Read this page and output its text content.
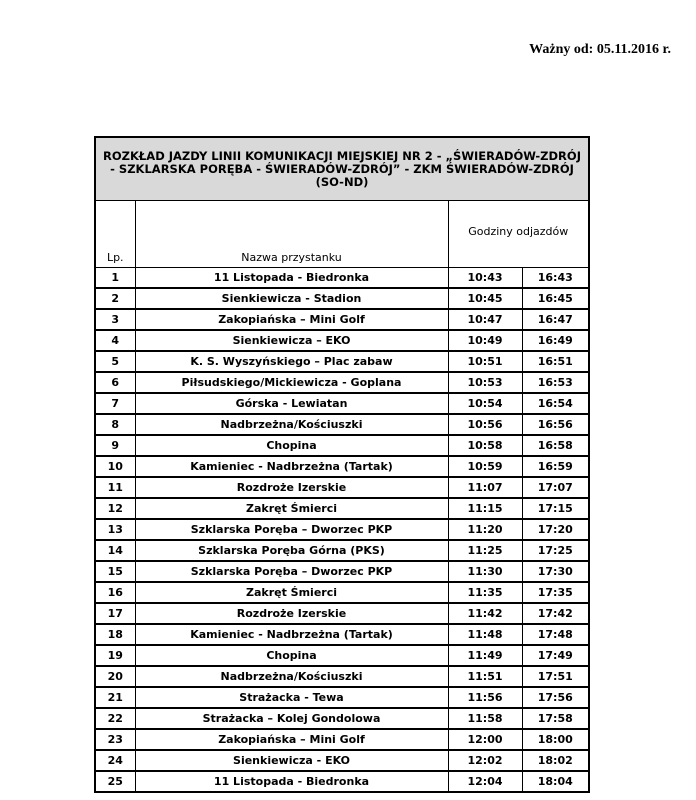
Ważny od: 05.11.2016 r.
ROZKŁAD JAZDY LINII KOMUNIKACJI MIEJSKIEJ NR 2 - „ŚWIERADÓW-ZDRÓJ - SZKLARSKA PORĘBA - ŚWIERADÓW-ZDRÓJ” - ZKM ŚWIERADÓW-ZDRÓJ (SO-ND)			
Lp.	Nazwa przystanku	Godziny odjazdów	
1	11 Listopada - Biedronka	10:43	16:43
2	Sienkiewicza - Stadion	10:45	16:45
3	Zakopiańska – Mini Golf	10:47	16:47
4	Sienkiewicza – EKO	10:49	16:49
5	K. S. Wyszyńskiego – Plac zabaw	10:51	16:51
6	Piłsudskiego/Mickiewicza - Goplana	10:53	16:53
7	Górska - Lewiatan	10:54	16:54
8	Nadbrzeżna/Kościuszki	10:56	16:56
9	Chopina	10:58	16:58
10	Kamieniec - Nadbrzeżna (Tartak)	10:59	16:59
11	Rozdroże Izerskie	11:07	17:07
12	Zakręt Śmierci	11:15	17:15
13	Szklarska Poręba – Dworzec PKP	11:20	17:20
14	Szklarska Poręba Górna (PKS)	11:25	17:25
15	Szklarska Poręba – Dworzec PKP	11:30	17:30
16	Zakręt Śmierci	11:35	17:35
17	Rozdroże Izerskie	11:42	17:42
18	Kamieniec - Nadbrzeżna (Tartak)	11:48	17:48
19	Chopina	11:49	17:49
20	Nadbrzeżna/Kościuszki	11:51	17:51
21	Strażacka - Tewa	11:56	17:56
22	Strażacka – Kolej Gondolowa	11:58	17:58
23	Zakopiańska – Mini Golf	12:00	18:00
24	Sienkiewicza - EKO	12:02	18:02
25	11 Listopada - Biedronka	12:04	18:04
